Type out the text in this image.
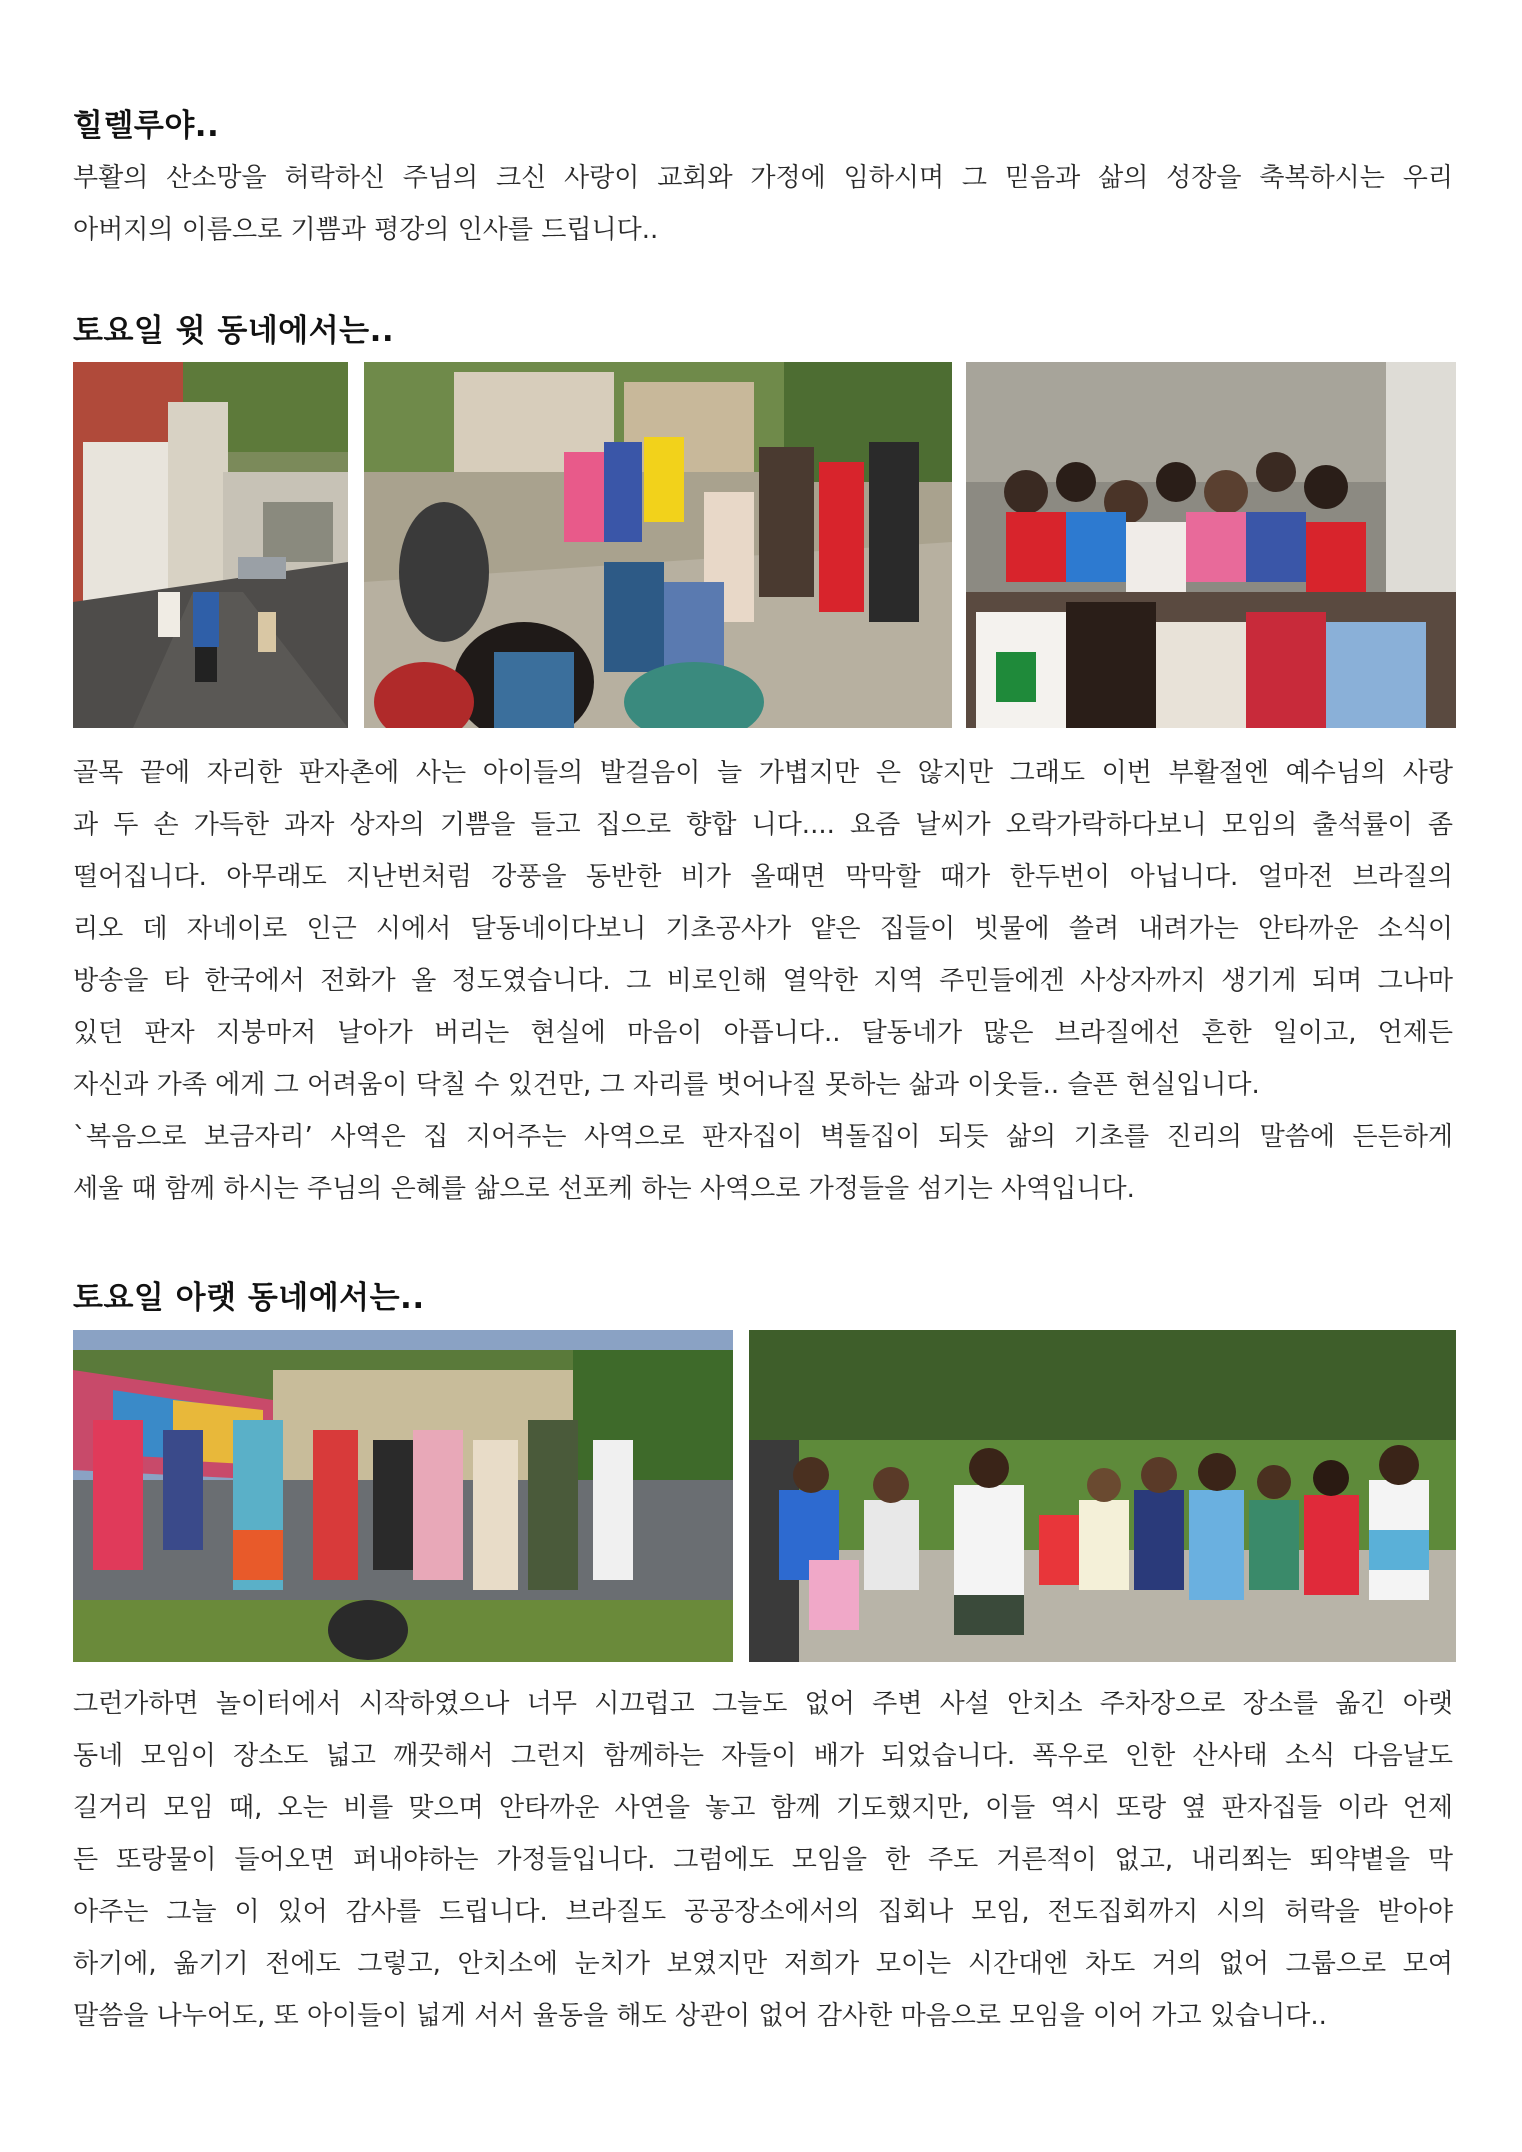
힐렐루야..
부활의 산소망을 허락하신 주님의 크신 사랑이 교회와 가정에 임하시며 그 믿음과 삶의 성장을 축복하시는 우리
아버지의 이름으로 기쁨과 평강의 인사를 드립니다..
토요일 윗 동네에서는..
골목 끝에 자리한 판자촌에 사는 아이들의 발걸음이 늘 가볍지만 은 않지만 그래도 이번 부활절엔 예수님의 사랑
과 두 손 가득한 과자 상자의 기쁨을 들고 집으로 향합 니다.... 요즘 날씨가 오락가락하다보니 모임의 출석률이 좀
떨어집니다. 아무래도 지난번처럼 강풍을 동반한 비가 올때면 막막할 때가 한두번이 아닙니다. 얼마전 브라질의
리오 데 자네이로 인근 시에서 달동네이다보니 기초공사가 얕은 집들이 빗물에 쓸려 내려가는 안타까운 소식이
방송을 타 한국에서 전화가 올 정도였습니다. 그 비로인해 열악한 지역 주민들에겐 사상자까지 생기게 되며 그나마
있던 판자 지붕마저 날아가 버리는 현실에 마음이 아픕니다.. 달동네가 많은 브라질에선 흔한 일이고, 언제든
자신과 가족 에게 그 어려움이 닥칠 수 있건만, 그 자리를 벗어나질 못하는 삶과 이웃들.. 슬픈 현실입니다.
`복음으로 보금자리’ 사역은 집 지어주는 사역으로 판자집이 벽돌집이 되듯 삶의 기초를 진리의 말씀에 든든하게
세울 때 함께 하시는 주님의 은혜를 삶으로 선포케 하는 사역으로 가정들을 섬기는 사역입니다.
토요일 아랫 동네에서는..
그런가하면 놀이터에서 시작하였으나 너무 시끄럽고 그늘도 없어 주변 사설 안치소 주차장으로 장소를 옮긴 아랫
동네 모임이 장소도 넓고 깨끗해서 그런지 함께하는 자들이 배가 되었습니다. 폭우로 인한 산사태 소식 다음날도
길거리 모임 때, 오는 비를 맞으며 안타까운 사연을 놓고 함께 기도했지만, 이들 역시 또랑 옆 판자집들 이라 언제
든 또랑물이 들어오면 퍼내야하는 가정들입니다. 그럼에도 모임을 한 주도 거른적이 없고, 내리쬐는 뙤약볕을 막
아주는 그늘 이 있어 감사를 드립니다. 브라질도 공공장소에서의 집회나 모임, 전도집회까지 시의 허락을 받아야
하기에, 옮기기 전에도 그렇고, 안치소에 눈치가 보였지만 저희가 모이는 시간대엔 차도 거의 없어 그룹으로 모여
말씀을 나누어도, 또 아이들이 넓게 서서 율동을 해도 상관이 없어 감사한 마음으로 모임을 이어 가고 있습니다..
